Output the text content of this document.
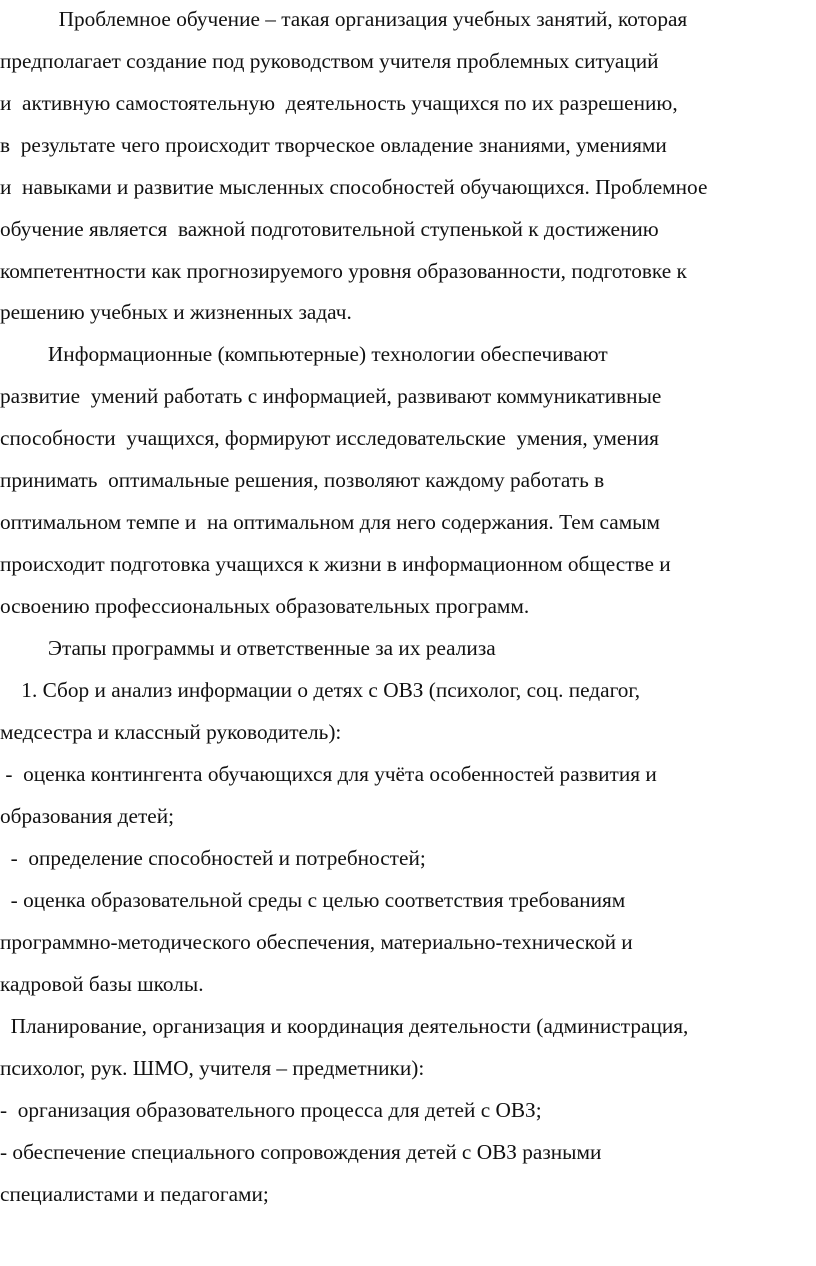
Проблемное обучение – такая организация учебных занятий, которая
предполагает создание под руководством учителя проблемных ситуаций
и  активную самостоятельную  деятельность учащихся по их разрешению,
в  результате чего происходит творческое овладение знаниями, умениями
и  навыками и развитие мысленных способностей обучающихся. Проблемное
обучение является  важной подготовительной ступенькой к достижению
компетентности как прогнозируемого уровня образованности, подготовке к
решению учебных и жизненных задач.
Информационные (компьютерные) технологии обеспечивают
развитие  умений работать с информацией, развивают коммуникативные
способности  учащихся, формируют исследовательские  умения, умения
принимать  оптимальные решения, позволяют каждому работать в
оптимальном темпе и  на оптимальном для него содержания. Тем самым
происходит подготовка учащихся к жизни в информационном обществе и
освоению профессиональных образовательных программ.
Этапы программы и ответственные за их реализа
1. Сбор и анализ информации о детях с ОВЗ (психолог, соц. педагог,
медсестра и классный руководитель):
-  оценка контингента обучающихся для учёта особенностей развития и
образования детей;
-  определение способностей и потребностей;
- оценка образовательной среды с целью соответствия требованиям
программно-методического обеспечения, материально-технической и
кадровой базы школы.
Планирование, организация и координация деятельности (администрация,
психолог, рук. ШМО, учителя – предметники):
-  организация образовательного процесса для детей с ОВЗ;
- обеспечение специального сопровождения детей с ОВЗ разными
специалистами и педагогами;
